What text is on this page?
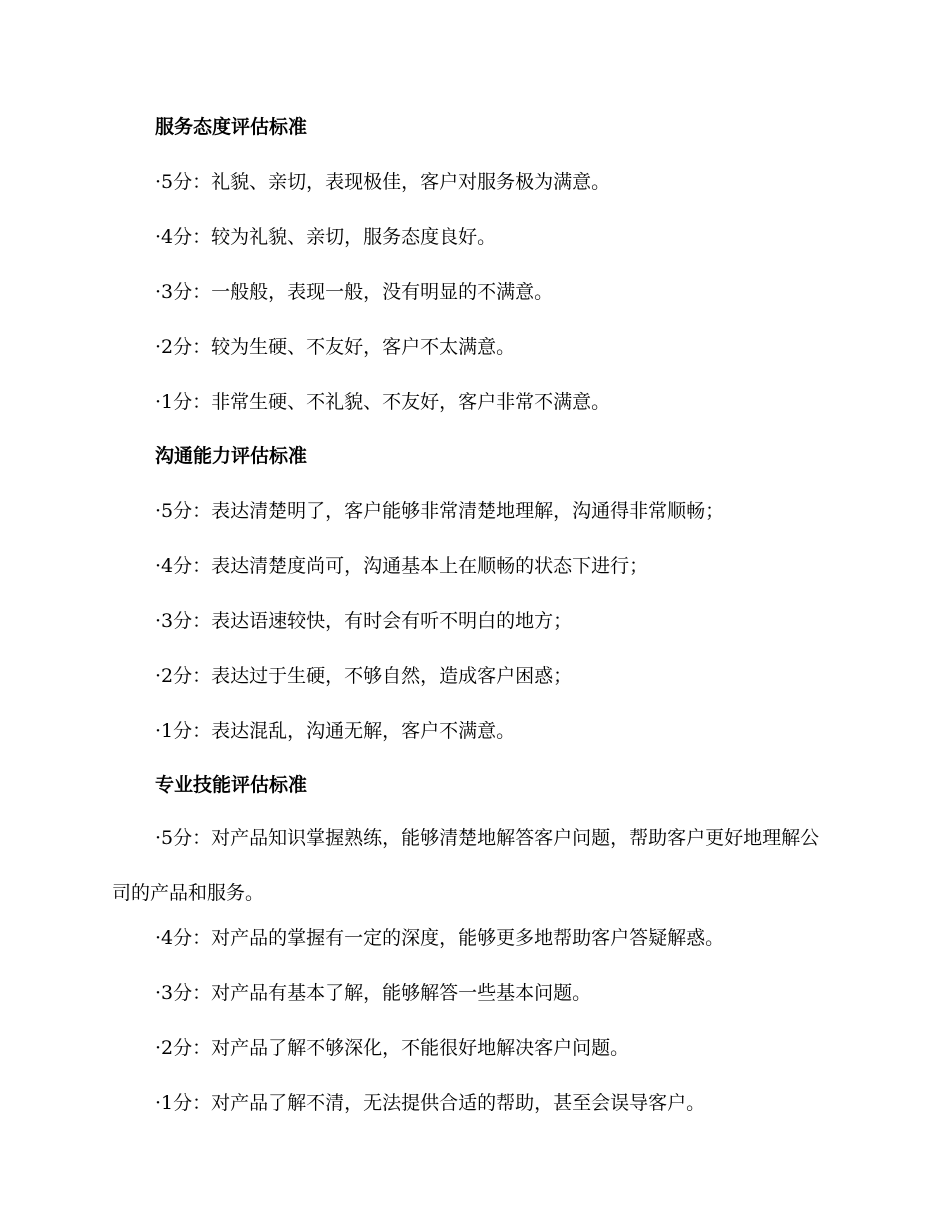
服务态度评估标准
·5分：礼貌、亲切，表现极佳，客户对服务极为满意。
·4分：较为礼貌、亲切，服务态度良好。
·3分：一般般，表现一般，没有明显的不满意。
·2分：较为生硬、不友好，客户不太满意。
·1分：非常生硬、不礼貌、不友好，客户非常不满意。
沟通能力评估标准
·5分：表达清楚明了，客户能够非常清楚地理解，沟通得非常顺畅；
·4分：表达清楚度尚可，沟通基本上在顺畅的状态下进行；
·3分：表达语速较快，有时会有听不明白的地方；
·2分：表达过于生硬，不够自然，造成客户困惑；
·1分：表达混乱，沟通无解，客户不满意。
专业技能评估标准
·5分：对产品知识掌握熟练，能够清楚地解答客户问题，帮助客户更好地理解公司的产品和服务。
·4分：对产品的掌握有一定的深度，能够更多地帮助客户答疑解惑。
·3分：对产品有基本了解，能够解答一些基本问题。
·2分：对产品了解不够深化，不能很好地解决客户问题。
·1分：对产品了解不清，无法提供合适的帮助，甚至会误导客户。
